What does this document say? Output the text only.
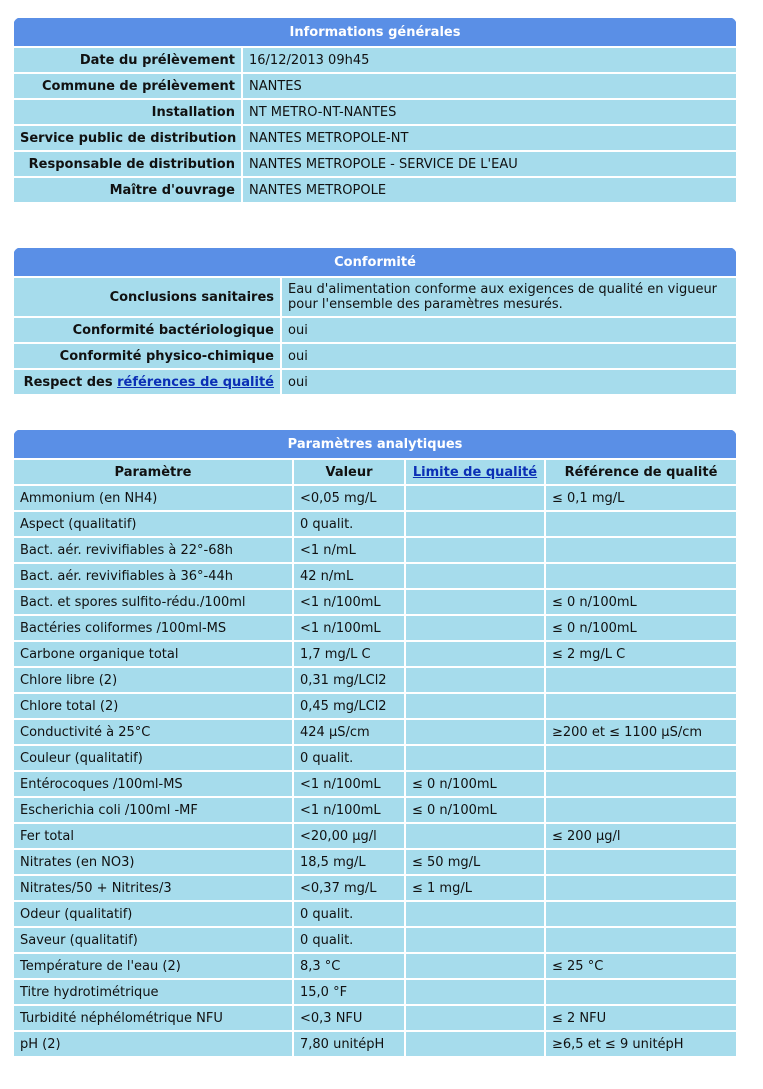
Informations générales	
Date du prélèvement	16/12/2013 09h45
Commune de prélèvement	NANTES
Installation	NT METRO-NT-NANTES
Service public de distribution	NANTES METROPOLE-NT
Responsable de distribution	NANTES METROPOLE - SERVICE DE L'EAU
Maître d'ouvrage	NANTES METROPOLE
Conformité	
Conclusions sanitaires	Eau d'alimentation conforme aux exigences de qualité en vigueur pour l'ensemble des paramètres mesurés.
Conformité bactériologique	oui
Conformité physico-chimique	oui
Respect des références de qualité	oui
Paramètres analytiques			
Paramètre	Valeur	Limite de qualité	Référence de qualité
Ammonium (en NH4)	<0,05 mg/L		≤ 0,1 mg/L
Aspect (qualitatif)	0 qualit.		
Bact. aér. revivifiables à 22°-68h	<1 n/mL		
Bact. aér. revivifiables à 36°-44h	42 n/mL		
Bact. et spores sulfito-rédu./100ml	<1 n/100mL		≤ 0 n/100mL
Bactéries coliformes /100ml-MS	<1 n/100mL		≤ 0 n/100mL
Carbone organique total	1,7 mg/L C		≤ 2 mg/L C
Chlore libre (2)	0,31 mg/LCl2		
Chlore total (2)	0,45 mg/LCl2		
Conductivité à 25°C	424 µS/cm		≥200 et ≤ 1100 µS/cm
Couleur (qualitatif)	0 qualit.		
Entérocoques /100ml-MS	<1 n/100mL	≤ 0 n/100mL	
Escherichia coli /100ml -MF	<1 n/100mL	≤ 0 n/100mL	
Fer total	<20,00 µg/l		≤ 200 µg/l
Nitrates (en NO3)	18,5 mg/L	≤ 50 mg/L	
Nitrates/50 + Nitrites/3	<0,37 mg/L	≤ 1 mg/L	
Odeur (qualitatif)	0 qualit.		
Saveur (qualitatif)	0 qualit.		
Température de l'eau (2)	8,3 °C		≤ 25 °C
Titre hydrotimétrique	15,0 °F		
Turbidité néphélométrique NFU	<0,3 NFU		≤ 2 NFU
pH (2)	7,80 unitépH		≥6,5 et ≤ 9 unitépH
